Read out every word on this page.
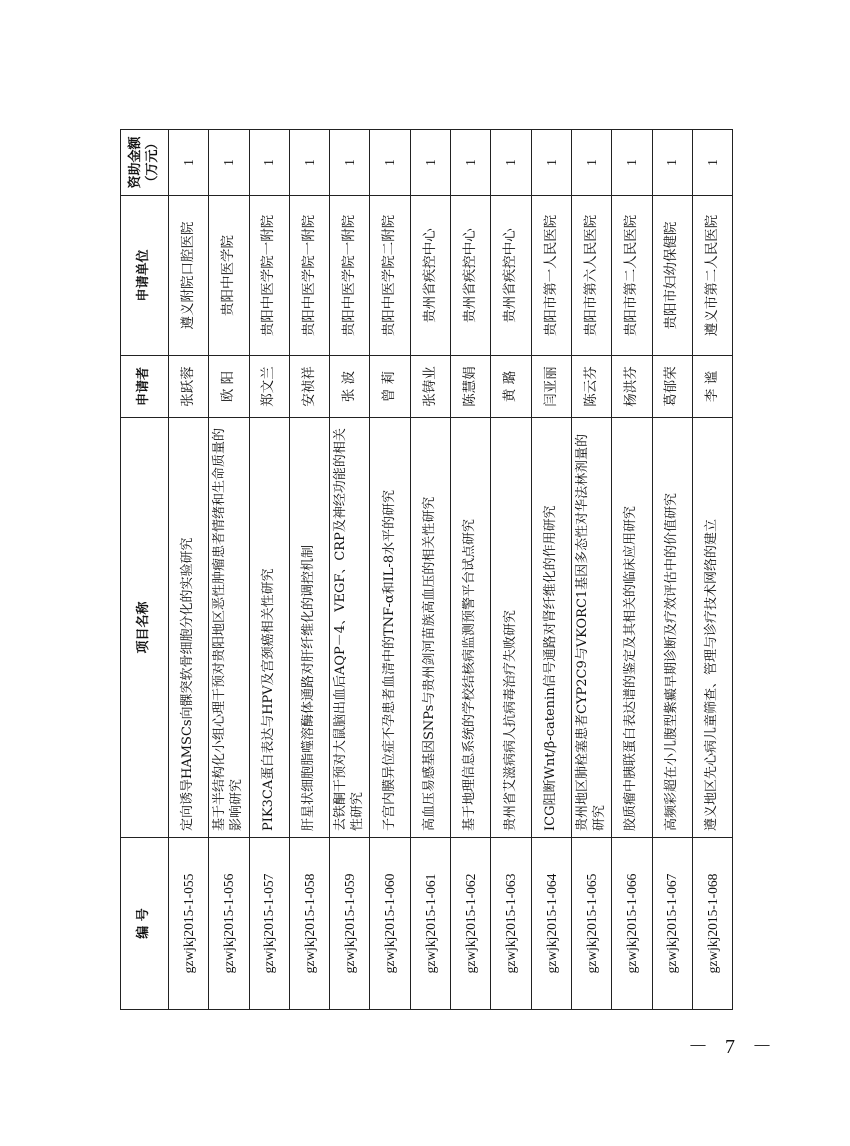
编 号	项目名称	申请者	申请单位	资助金额（万元）
gzwjkj2015-1-055	定向诱导HAMSCs向髁突软骨细胞分化的实验研究	张跃蓉	遵义附院口腔医院	1
gzwjkj2015-1-056	基于半结构化小组心理干预对贵阳地区恶性肿瘤患者情绪和生命质量的影响研究	欧 阳	贵阳中医学院	1
gzwjkj2015-1-057	PIK3CA蛋白表达与HPV及宫颈癌相关性研究	郑文兰	贵阳中医学院一附院	1
gzwjkj2015-1-058	肝星状细胞脂噬溶酶体通路对肝纤维化的调控机制	安祯祥	贵阳中医学院一附院	1
gzwjkj2015-1-059	去铁酮干预对大鼠脑出血后AQP－4、VEGF、CRP及神经功能的相关性研究	张 波	贵阳中医学院一附院	1
gzwjkj2015-1-060	子宫内膜异位症不孕患者血清中的TNF-α和IL-8水平的研究	曾 莉	贵阳中医学院二附院	1
gzwjkj2015-1-061	高血压易感基因SNPs与贵州剑河苗族高血压的相关性研究	张铸业	贵州省疾控中心	1
gzwjkj2015-1-062	基于地理信息系统的学校结核病监测预警平台试点研究	陈慧娟	贵州省疾控中心	1
gzwjkj2015-1-063	贵州省艾滋病病人抗病毒治疗失败研究	黄 璐	贵州省疾控中心	1
gzwjkj2015-1-064	ICG阻断Wnt/β-catenin信号通路对肾纤维化的作用研究	闫亚丽	贵阳市第一人民医院	1
gzwjkj2015-1-065	贵州地区肺栓塞患者CYP2C9与VKORC1基因多态性对华法林剂量的研究	陈云芬	贵阳市第六人民医院	1
gzwjkj2015-1-066	胶质瘤中胰联蛋白表达谱的鉴定及其相关的临床应用研究	杨洪芬	贵阳市第二人民医院	1
gzwjkj2015-1-067	高频彩超在小儿腹型紫癜早期诊断及疗效评估中的价值研究	葛郁荣	贵阳市妇幼保健院	1
gzwjkj2015-1-068	遵义地区先心病儿童筛查、管理与诊疗技术网络的建立	李 谧	遵义市第二人民医院	1
－ 7 －
